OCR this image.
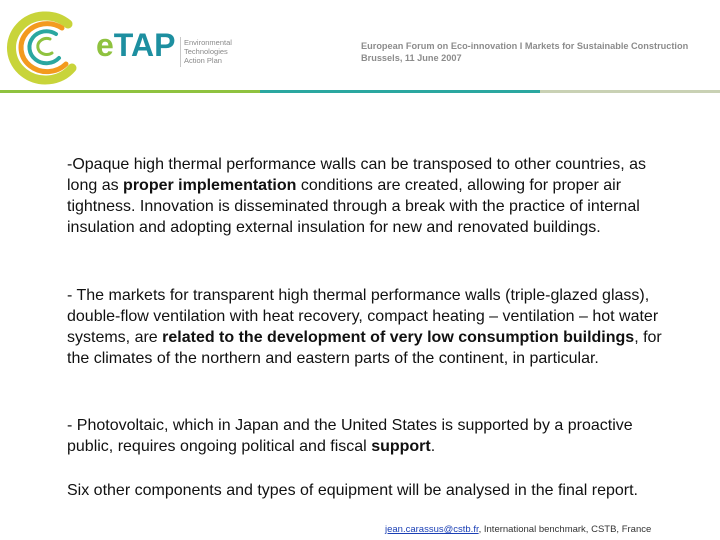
eTAP Environmental
Technologies
Action Plan
European Forum on Eco-innovation I Markets for Sustainable Construction
Brussels, 11 June 2007

-Opaque high thermal performance walls can be transposed to other countries, as long as proper implementation conditions are created, allowing for proper air tightness. Innovation is disseminated through a break with the practice of internal insulation and adopting external insulation for new and renovated buildings.

- The markets for transparent high thermal performance walls (triple-glazed glass), double-flow ventilation with heat recovery, compact heating – ventilation – hot water systems, are related to the development of very low consumption buildings, for the climates of the northern and eastern parts of the continent, in particular.

- Photovoltaic, which in Japan and the United States is supported by a proactive public, requires ongoing political and fiscal support.

Six other components and types of equipment will be analysed in the final report.

jean.carassus@cstb.fr, International benchmark, CSTB, France
